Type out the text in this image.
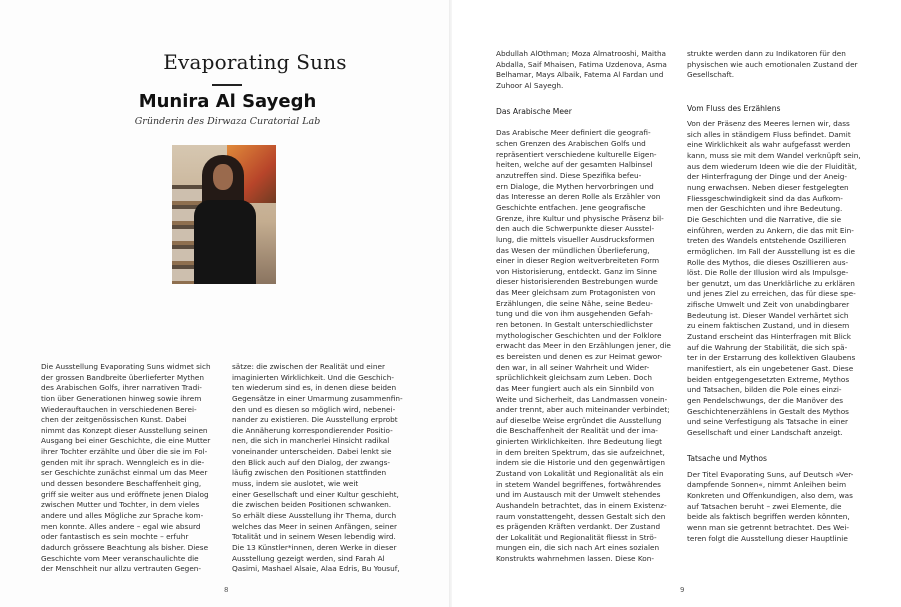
Evaporating Suns
Munira Al Sayegh
Gründerin des Dirwaza Curatorial Lab
Die Ausstellung Evaporating Suns widmet sich
der grossen Bandbreite überlieferter Mythen
des Arabischen Golfs, ihrer narrativen Tradi-
tion über Generationen hinweg sowie ihrem
Wiederauftauchen in verschiedenen Berei-
chen der zeitgenössischen Kunst. Dabei
nimmt das Konzept dieser Ausstellung seinen
Ausgang bei einer Geschichte, die eine Mutter
ihrer Tochter erzählte und über die sie im Fol-
genden mit ihr sprach. Wenngleich es in die-
ser Geschichte zunächst einmal um das Meer
und dessen besondere Beschaffenheit ging,
griff sie weiter aus und eröffnete jenen Dialog
zwischen Mutter und Tochter, in dem vieles
andere und alles Mögliche zur Sprache kom-
men konnte. Alles andere – egal wie absurd
oder fantastisch es sein mochte – erfuhr
dadurch grössere Beachtung als bisher. Diese
Geschichte vom Meer veranschaulichte die
der Menschheit nur allzu vertrauten Gegen-
sätze: die zwischen der Realität und einer
imaginierten Wirklichkeit. Und die Geschich-
ten wiederum sind es, in denen diese beiden
Gegensätze in einer Umarmung zusammenfin-
den und es diesen so möglich wird, nebenei-
nander zu existieren. Die Ausstellung erprobt
die Annäherung korrespondierender Positio-
nen, die sich in mancherlei Hinsicht radikal
voneinander unterscheiden. Dabei lenkt sie
den Blick auch auf den Dialog, der zwangs-
läufig zwischen den Positionen stattfinden
muss, indem sie auslotet, wie weit
einer Gesellschaft und einer Kultur geschieht,
die zwischen beiden Positionen schwanken.
So erhält diese Ausstellung ihr Thema, durch
welches das Meer in seinen Anfängen, seiner
Totalität und in seinem Wesen lebendig wird.
Die 13 Künstler*innen, deren Werke in dieser
Ausstellung gezeigt werden, sind Farah Al
Qasimi, Mashael Alsaie, Alaa Edris, Bu Yousuf,
8
Abdullah AlOthman; Moza Almatrooshi, Maitha
Abdalla, Saif Mhaisen, Fatima Uzdenova, Asma
Belhamar, Mays Albaik, Fatema Al Fardan und
Zuhoor Al Sayegh.
Das Arabische Meer
Das Arabische Meer definiert die geografi-
schen Grenzen des Arabischen Golfs und
repräsentiert verschiedene kulturelle Eigen-
heiten, welche auf der gesamten Halbinsel
anzutreffen sind. Diese Spezifika befeu-
ern Dialoge, die Mythen hervorbringen und
das Interesse an deren Rolle als Erzähler von
Geschichte entfachen. Jene geografische
Grenze, ihre Kultur und physische Präsenz bil-
den auch die Schwerpunkte dieser Ausstel-
lung, die mittels visueller Ausdrucksformen
das Wesen der mündlichen Überlieferung,
einer in dieser Region weitverbreiteten Form
von Historisierung, entdeckt. Ganz im Sinne
dieser historisierenden Bestrebungen wurde
das Meer gleichsam zum Protagonisten von
Erzählungen, die seine Nähe, seine Bedeu-
tung und die von ihm ausgehenden Gefah-
ren betonen. In Gestalt unterschiedlichster
mythologischer Geschichten und der Folklore
erwacht das Meer in den Erzählungen jener, die
es bereisten und denen es zur Heimat gewor-
den war, in all seiner Wahrheit und Wider-
sprüchlichkeit gleichsam zum Leben. Doch
das Meer fungiert auch als ein Sinnbild von
Weite und Sicherheit, das Landmassen vonein-
ander trennt, aber auch miteinander verbindet;
auf dieselbe Weise ergründet die Ausstellung
die Beschaffenheit der Realität und der ima-
ginierten Wirklichkeiten. Ihre Bedeutung liegt
in dem breiten Spektrum, das sie aufzeichnet,
indem sie die Historie und den gegenwärtigen
Zustand von Lokalität und Regionalität als ein
in stetem Wandel begriffenes, fortwährendes
und im Austausch mit der Umwelt stehendes
Aushandeln betrachtet, das in einem Existenz-
raum vonstattengeht, dessen Gestalt sich den
es prägenden Kräften verdankt. Der Zustand
der Lokalität und Regionalität fliesst in Strö-
mungen ein, die sich nach Art eines sozialen
Konstrukts wahrnehmen lassen. Diese Kon-
strukte werden dann zu Indikatoren für den
physischen wie auch emotionalen Zustand der
Gesellschaft.
Vom Fluss des Erzählens
Von der Präsenz des Meeres lernen wir, dass
sich alles in ständigem Fluss befindet. Damit
eine Wirklichkeit als wahr aufgefasst werden
kann, muss sie mit dem Wandel verknüpft sein,
aus dem wiederum Ideen wie die der Fluidität,
der Hinterfragung der Dinge und der Aneig-
nung erwachsen. Neben dieser festgelegten
Fliessgeschwindigkeit sind da das Aufkom-
men der Geschichten und ihre Bedeutung.
Die Geschichten und die Narrative, die sie
einführen, werden zu Ankern, die das mit Ein-
treten des Wandels entstehende Oszillieren
ermöglichen. Im Fall der Ausstellung ist es die
Rolle des Mythos, die dieses Oszillieren aus-
löst. Die Rolle der Illusion wird als Impulsge-
ber genutzt, um das Unerklärliche zu erklären
und jenes Ziel zu erreichen, das für diese spe-
zifische Umwelt und Zeit von unabdingbarer
Bedeutung ist. Dieser Wandel verhärtet sich
zu einem faktischen Zustand, und in diesem
Zustand erscheint das Hinterfragen mit Blick
auf die Wahrung der Stabilität, die sich spä-
ter in der Erstarrung des kollektiven Glaubens
manifestiert, als ein ungebetener Gast. Diese
beiden entgegengesetzten Extreme, Mythos
und Tatsachen, bilden die Pole eines einzi-
gen Pendelschwungs, der die Manöver des
Geschichtenerzählens in Gestalt des Mythos
und seine Verfestigung als Tatsache in einer
Gesellschaft und einer Landschaft anzeigt.
Tatsache und Mythos
Der Titel Evaporating Suns, auf Deutsch »Ver-
dampfende Sonnen«, nimmt Anleihen beim
Konkreten und Offenkundigen, also dem, was
auf Tatsachen beruht – zwei Elemente, die
beide als faktisch begriffen werden könnten,
wenn man sie getrennt betrachtet. Des Wei-
teren folgt die Ausstellung dieser Hauptlinie
9
